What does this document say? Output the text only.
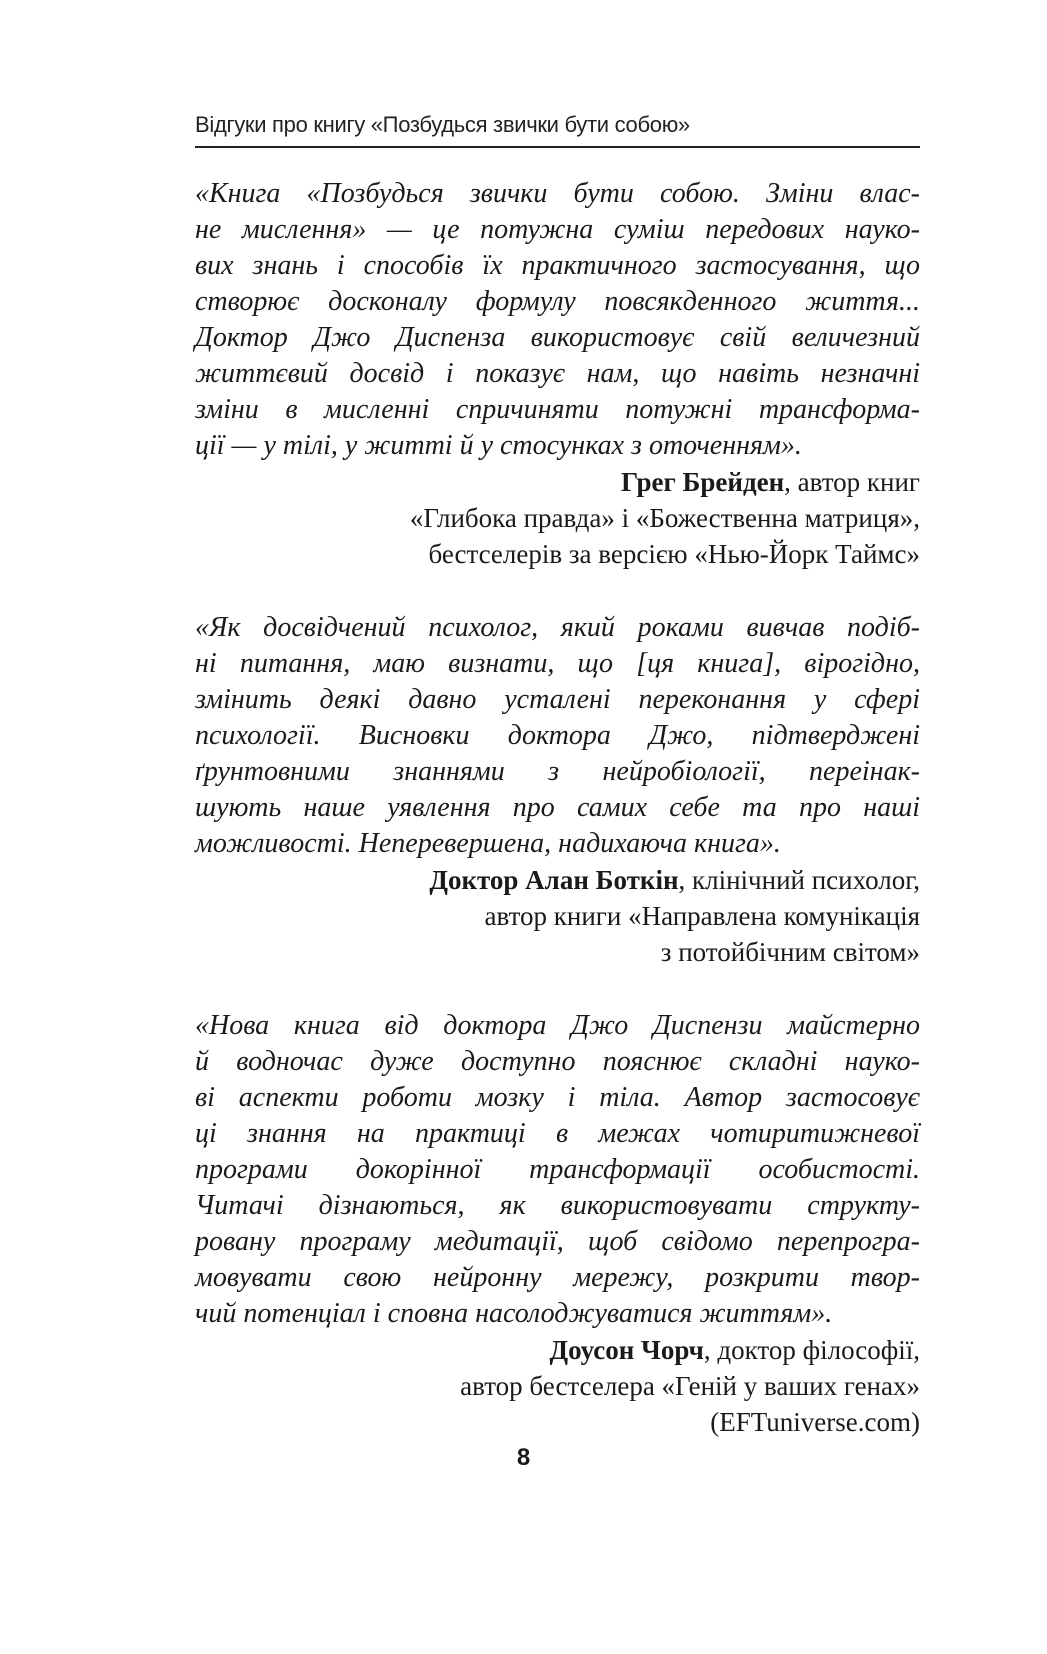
Відгуки про книгу «Позбудься звички бути собою»

«Книга «Позбудься звички бути собою. Зміни влас-
не мислення» — це потужна суміш передових науко-
вих знань і способів їх практичного застосування, що
створює досконалу формулу повсякденного життя...
Доктор Джо Диспенза використовує свій величезний
життєвий досвід і показує нам, що навіть незначні
зміни в мисленні спричиняти потужні трансформа-
ції — у тілі, у житті й у стосунках з оточенням».

Грег Брейден, автор книг
«Глибока правда» і «Божественна матриця»,
бестселерів за версією «Нью-Йорк Таймс»

«Як досвідчений психолог, який роками вивчав подіб-
ні питання, маю визнати, що [ця книга], вірогідно,
змінить деякі давно усталені переконання у сфері
психології. Висновки доктора Джо, підтверджені
ґрунтовними знаннями з нейробіології, переінак-
шують наше уявлення про самих себе та про наші
можливості. Неперевершена, надихаюча книга».

Доктор Алан Боткін, клінічний психолог,
автор книги «Направлена комунікація
з потойбічним світом»

«Нова книга від доктора Джо Диспензи майстерно
й водночас дуже доступно пояснює складні науко-
ві аспекти роботи мозку і тіла. Автор застосовує
ці знання на практиці в межах чотиритижневої
програми докорінної трансформації особистості.
Читачі дізнаються, як використовувати структу-
ровану програму медитації, щоб свідомо перепрогра-
мовувати свою нейронну мережу, розкрити твор-
чий потенціал і сповна насолоджуватися життям».

Доусон Чорч, доктор філософії,
автор бестселера «Геній у ваших генах»
(EFTuniverse.com)

8
